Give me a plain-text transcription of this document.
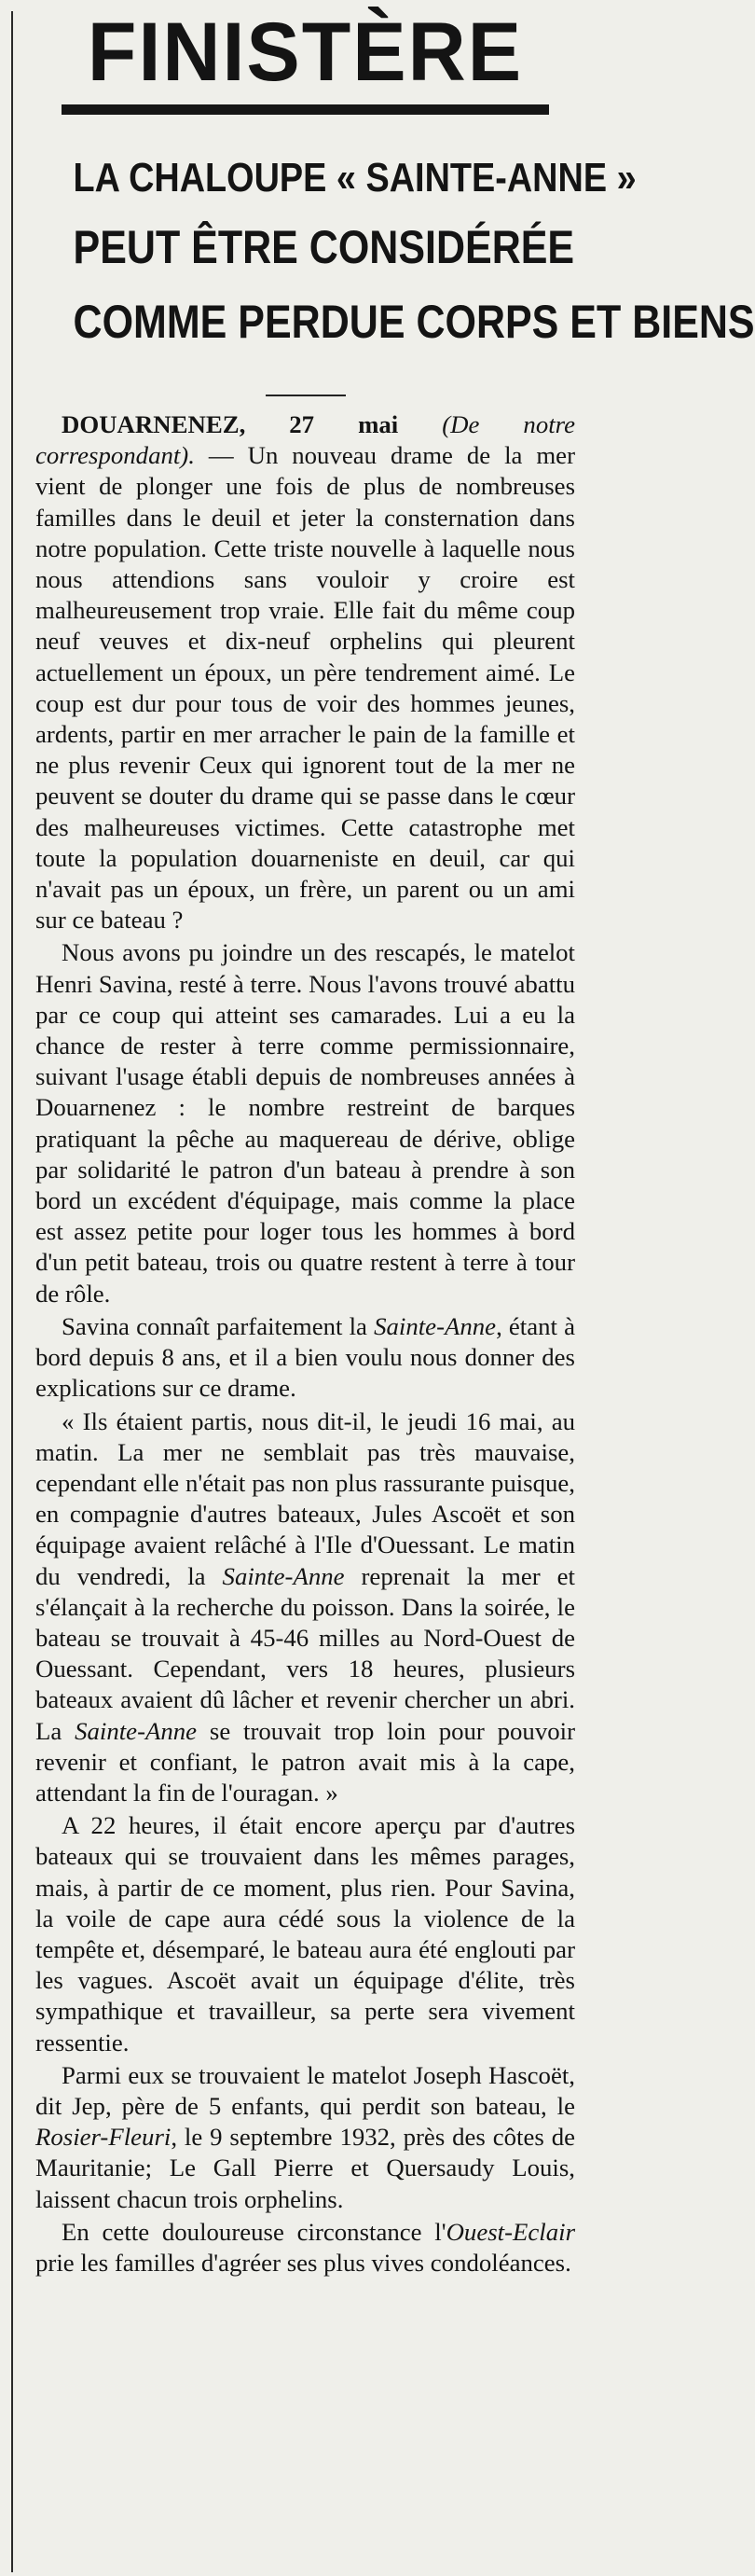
FINISTÈRE
LA CHALOUPE « SAINTE-ANNE »
PEUT ÊTRE CONSIDÉRÉE
COMME PERDUE CORPS ET BIENS

DOUARNENEZ, 27 mai (De notre correspondant). — Un nouveau drame de la mer vient de plonger une fois de plus de nombreuses familles dans le deuil et jeter la consternation dans notre population. Cette triste nouvelle à laquelle nous nous attendions sans vouloir y croire est malheureusement trop vraie. Elle fait du même coup neuf veuves et dix-neuf orphelins qui pleurent actuellement un époux, un père tendrement aimé. Le coup est dur pour tous de voir des hommes jeunes, ardents, partir en mer arracher le pain de la famille et ne plus revenir Ceux qui ignorent tout de la mer ne peuvent se douter du drame qui se passe dans le cœur des malheureuses victimes. Cette catastrophe met toute la population douarneniste en deuil, car qui n'avait pas un époux, un frère, un parent ou un ami sur ce bateau ?

Nous avons pu joindre un des rescapés, le matelot Henri Savina, resté à terre. Nous l'avons trouvé abattu par ce coup qui atteint ses camarades. Lui a eu la chance de rester à terre comme permissionnaire, suivant l'usage établi depuis de nombreuses années à Douarnenez : le nombre restreint de barques pratiquant la pêche au maquereau de dérive, oblige par solidarité le patron d'un bateau à prendre à son bord un excédent d'équipage, mais comme la place est assez petite pour loger tous les hommes à bord d'un petit bateau, trois ou quatre restent à terre à tour de rôle.

Savina connaît parfaitement la Sainte-Anne, étant à bord depuis 8 ans, et il a bien voulu nous donner des explications sur ce drame.

« Ils étaient partis, nous dit-il, le jeudi 16 mai, au matin. La mer ne semblait pas très mauvaise, cependant elle n'était pas non plus rassurante puisque, en compagnie d'autres bateaux, Jules Ascoët et son équipage avaient relâché à l'Ile d'Ouessant. Le matin du vendredi, la Sainte-Anne reprenait la mer et s'élançait à la recherche du poisson. Dans la soirée, le bateau se trouvait à 45-46 milles au Nord-Ouest de Ouessant. Cependant, vers 18 heures, plusieurs bateaux avaient dû lâcher et revenir chercher un abri. La Sainte-Anne se trouvait trop loin pour pouvoir revenir et confiant, le patron avait mis à la cape, attendant la fin de l'ouragan. »

A 22 heures, il était encore aperçu par d'autres bateaux qui se trouvaient dans les mêmes parages, mais, à partir de ce moment, plus rien. Pour Savina, la voile de cape aura cédé sous la violence de la tempête et, désemparé, le bateau aura été englouti par les vagues. Ascoët avait un équipage d'élite, très sympathique et travailleur, sa perte sera vivement ressentie.

Parmi eux se trouvaient le matelot Joseph Hascoët, dit Jep, père de 5 enfants, qui perdit son bateau, le Rosier-Fleuri, le 9 septembre 1932, près des côtes de Mauritanie; Le Gall Pierre et Quersaudy Louis, laissent chacun trois orphelins.

En cette douloureuse circonstance l'Ouest-Eclair prie les familles d'agréer ses plus vives condoléances.
